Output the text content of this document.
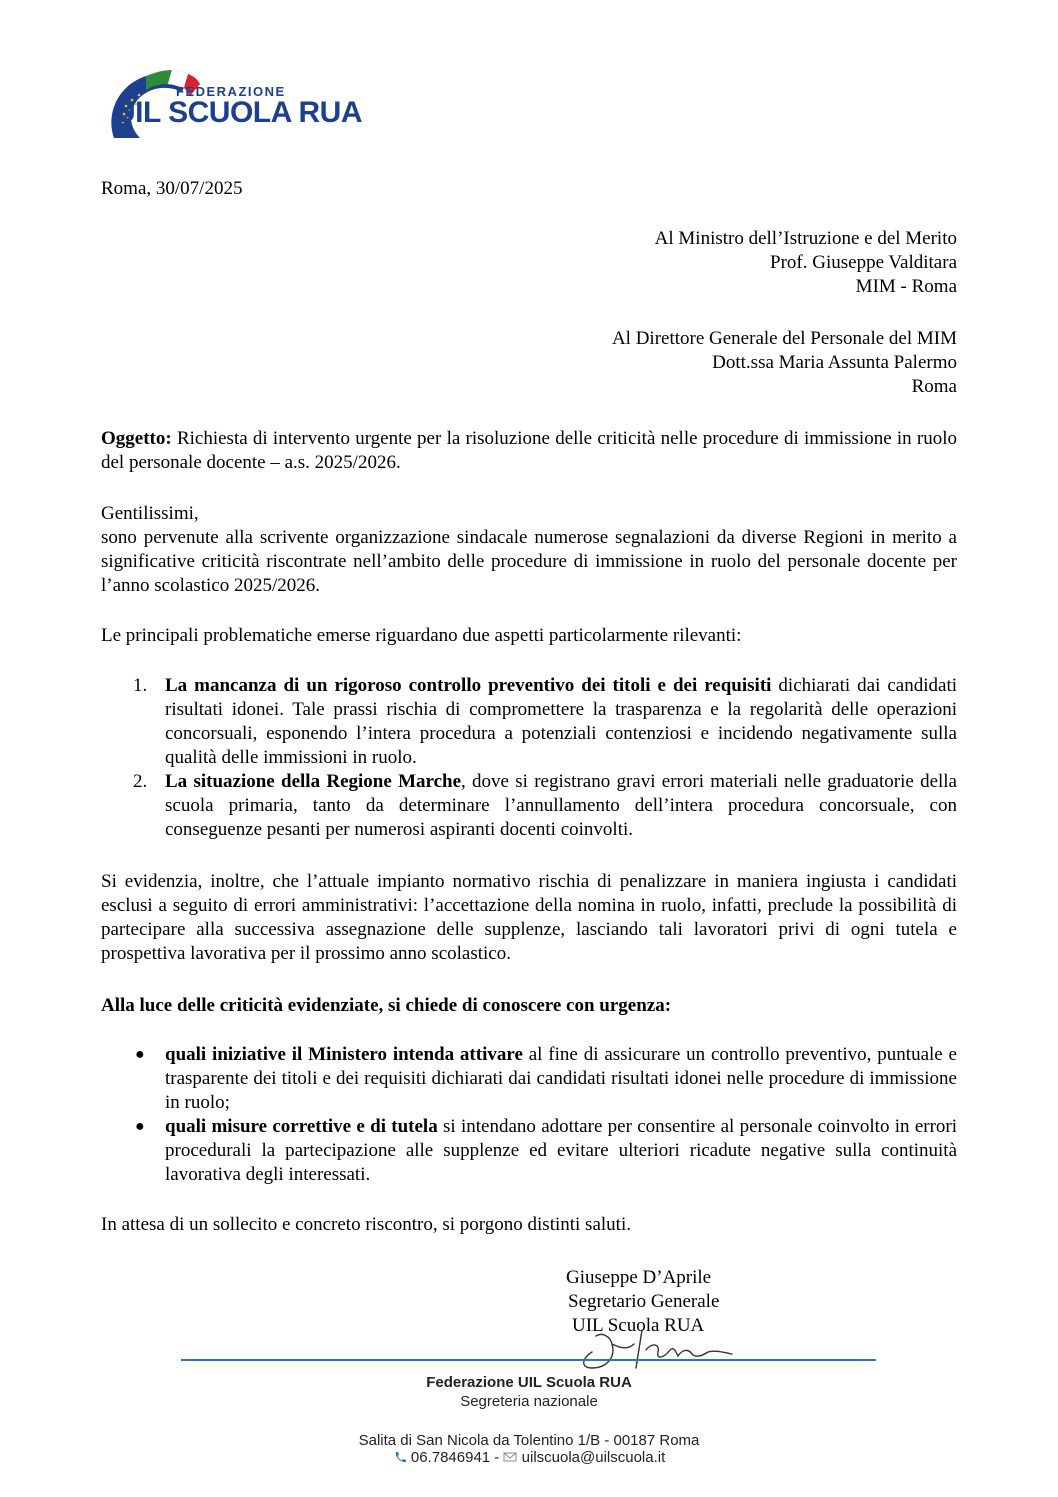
FEDERAZIONE
UIL SCUOLA RUA
Roma, 30/07/2025
Al Ministro dell’Istruzione e del Merito
Prof. Giuseppe Valditara
MIM - Roma
Al Direttore Generale del Personale del MIM
Dott.ssa Maria Assunta Palermo
Roma

Oggetto: Richiesta di intervento urgente per la risoluzione delle criticità nelle procedure di immissione in ruolo del personale docente – a.s. 2025/2026.

Gentilissimi,

sono pervenute alla scrivente organizzazione sindacale numerose segnalazioni da diverse Regioni in merito a significative criticità riscontrate nell’ambito delle procedure di immissione in ruolo del personale docente per l’anno scolastico 2025/2026.

Le principali problematiche emerse riguardano due aspetti particolarmente rilevanti:

1. La mancanza di un rigoroso controllo preventivo dei titoli e dei requisiti dichiarati dai candidati risultati idonei. Tale prassi rischia di compromettere la trasparenza e la regolarità delle operazioni concorsuali, esponendo l’intera procedura a potenziali contenziosi e incidendo negativamente sulla qualità delle immissioni in ruolo.
2. La situazione della Regione Marche, dove si registrano gravi errori materiali nelle graduatorie della scuola primaria, tanto da determinare l’annullamento dell’intera procedura concorsuale, con conseguenze pesanti per numerosi aspiranti docenti coinvolti.

Si evidenzia, inoltre, che l’attuale impianto normativo rischia di penalizzare in maniera ingiusta i candidati esclusi a seguito di errori amministrativi: l’accettazione della nomina in ruolo, infatti, preclude la possibilità di partecipare alla successiva assegnazione delle supplenze, lasciando tali lavoratori privi di ogni tutela e prospettiva lavorativa per il prossimo anno scolastico.

Alla luce delle criticità evidenziate, si chiede di conoscere con urgenza:

● quali iniziative il Ministero intenda attivare al fine di assicurare un controllo preventivo, puntuale e trasparente dei titoli e dei requisiti dichiarati dai candidati risultati idonei nelle procedure di immissione in ruolo;
● quali misure correttive e di tutela si intendano adottare per consentire al personale coinvolto in errori procedurali la partecipazione alle supplenze ed evitare ulteriori ricadute negative sulla continuità lavorativa degli interessati.

In attesa di un sollecito e concreto riscontro, si porgono distinti saluti.

Giuseppe D’Aprile
Segretario Generale
UIL Scuola RUA
Federazione UIL Scuola RUA
Segreteria nazionale
Salita di San Nicola da Tolentino 1/B - 00187 Roma
06.7846941 - uilscuola@uilscuola.it
